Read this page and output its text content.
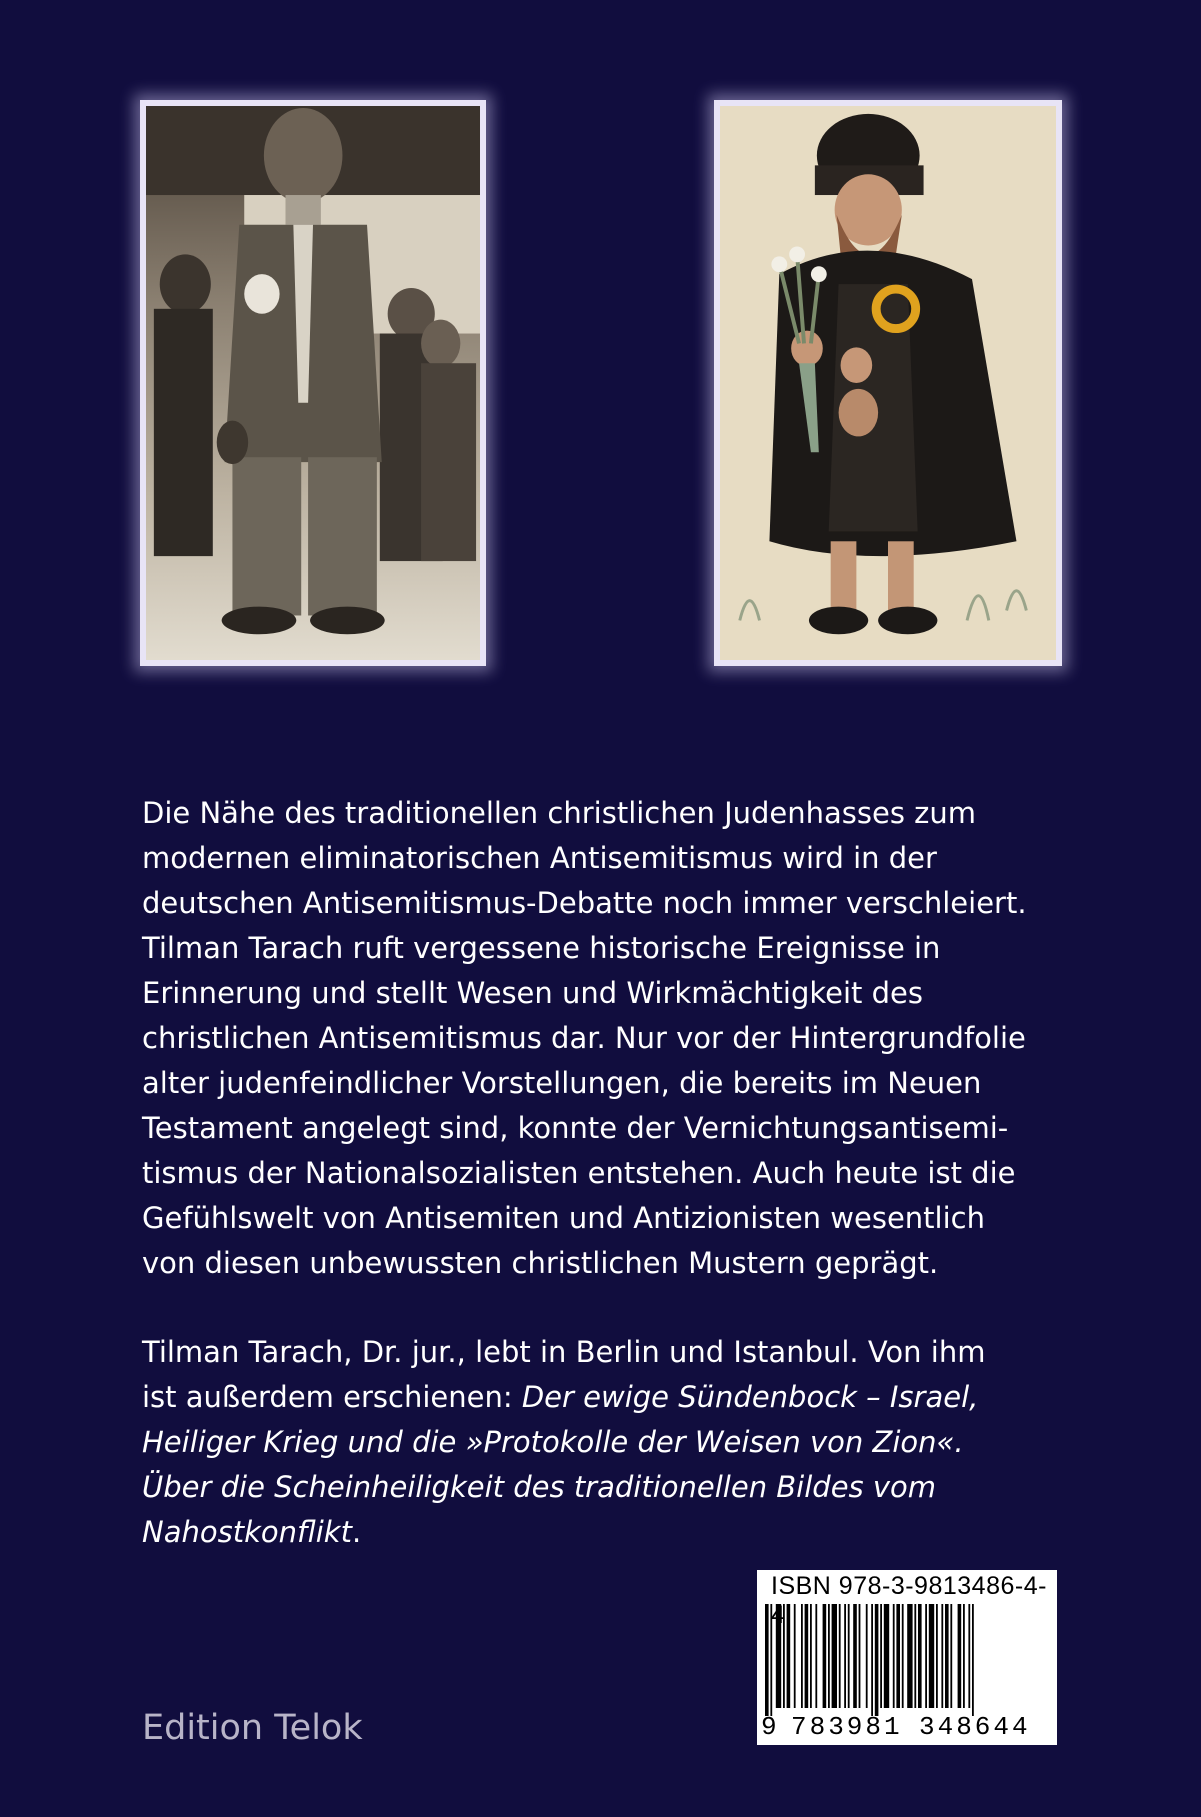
Die Nähe des traditionellen christlichen Judenhasses zum
modernen eliminatorischen Antisemitismus wird in der
deutschen Antisemitismus-Debatte noch immer verschleiert.
Tilman Tarach ruft vergessene historische Ereignisse in
Erinnerung und stellt Wesen und Wirkmächtigkeit des
christlichen Antisemitismus dar. Nur vor der Hintergrundfolie
alter judenfeindlicher Vorstellungen, die bereits im Neuen
Testament angelegt sind, konnte der Vernichtungsantisemi-
tismus der Nationalsozialisten entstehen. Auch heute ist die
Gefühlswelt von Antisemiten und Antizionisten wesentlich
von diesen unbewussten christlichen Mustern geprägt.

Tilman Tarach, Dr. jur., lebt in Berlin und Istanbul. Von ihm
ist außerdem erschienen: Der ewige Sündenbock – Israel,
Heiliger Krieg und die »Protokolle der Weisen von Zion«.
Über die Scheinheiligkeit des traditionellen Bildes vom
Nahostkonflikt.

Edition Telok
ISBN 978-3-9813486-4-
9 783981 348644
